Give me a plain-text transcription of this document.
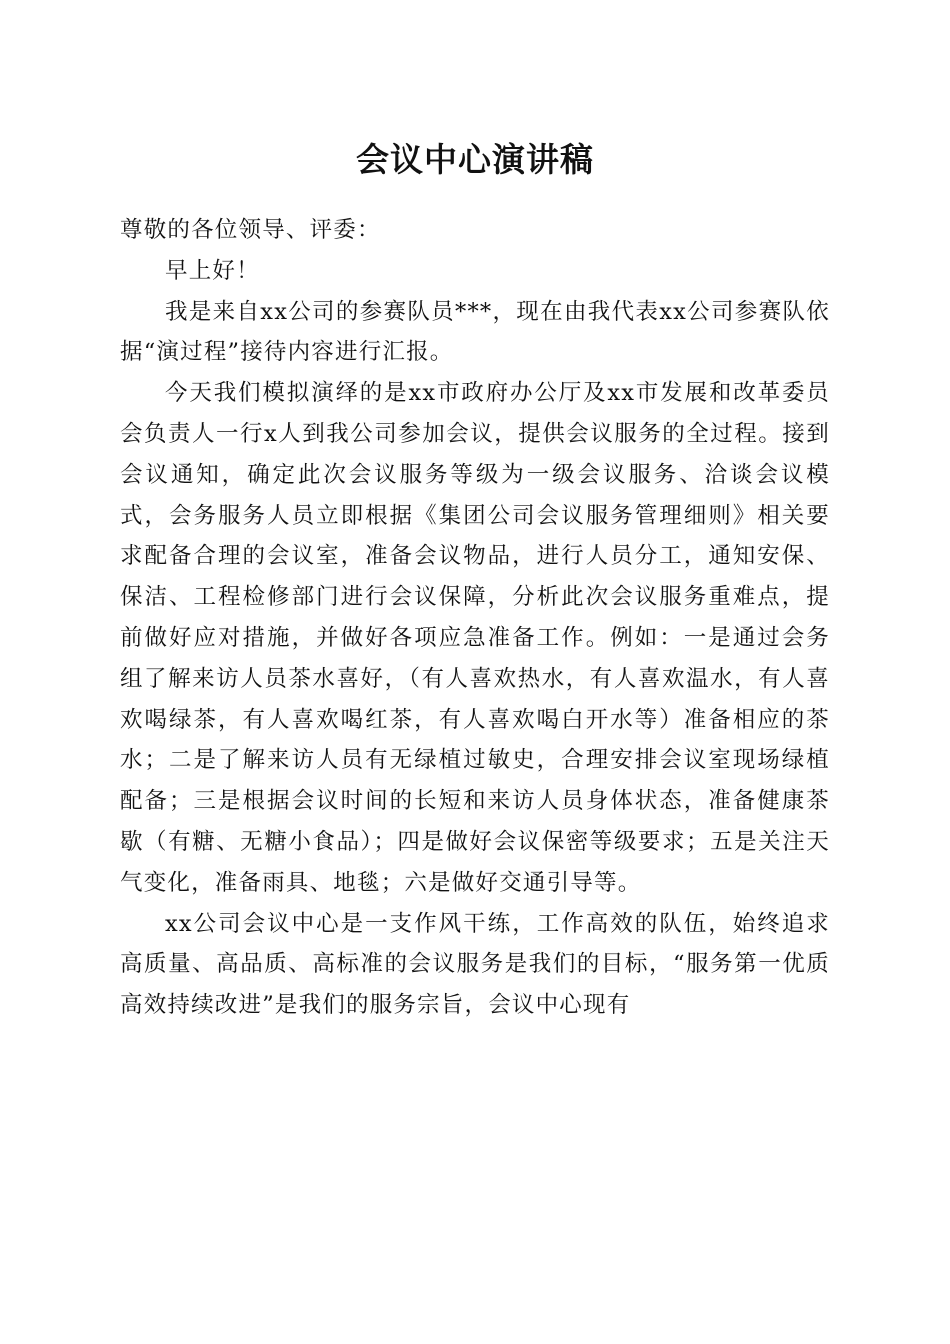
会议中心演讲稿

尊敬的各位领导、评委：

早上好！

我是来自xx公司的参赛队员***，现在由我代表xx公司参赛队依据“演过程”接待内容进行汇报。

今天我们模拟演绎的是xx市政府办公厅及xx市发展和改革委员会负责人一行x人到我公司参加会议，提供会议服务的全过程。接到会议通知，确定此次会议服务等级为一级会议服务、洽谈会议模式，会务服务人员立即根据《集团公司会议服务管理细则》相关要求配备合理的会议室，准备会议物品，进行人员分工，通知安保、保洁、工程检修部门进行会议保障，分析此次会议服务重难点，提前做好应对措施，并做好各项应急准备工作。例如：一是通过会务组了解来访人员茶水喜好，（有人喜欢热水，有人喜欢温水，有人喜欢喝绿茶，有人喜欢喝红茶，有人喜欢喝白开水等）准备相应的茶水；二是了解来访人员有无绿植过敏史，合理安排会议室现场绿植配备；三是根据会议时间的长短和来访人员身体状态，准备健康茶歇（有糖、无糖小食品）；四是做好会议保密等级要求；五是关注天气变化，准备雨具、地毯；六是做好交通引导等。

xx公司会议中心是一支作风干练，工作高效的队伍，始终追求高质量、高品质、高标准的会议服务是我们的目标，“服务第一优质高效持续改进”是我们的服务宗旨，会议中心现有
